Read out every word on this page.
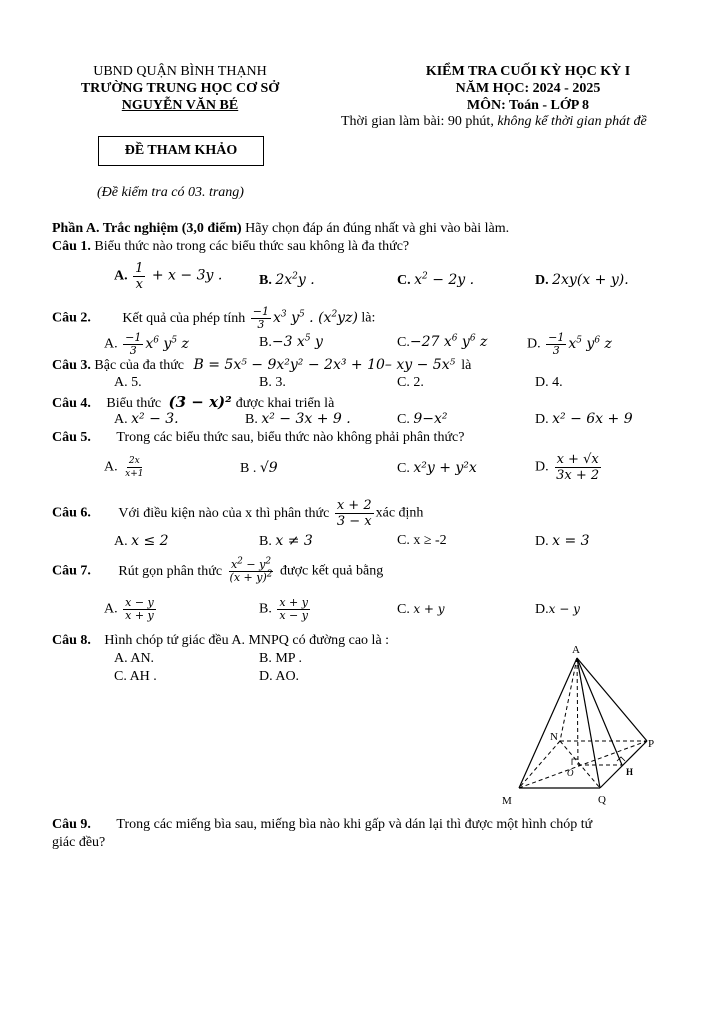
UBND QUẬN BÌNH THẠNH
TRƯỜNG TRUNG HỌC CƠ SỞ
NGUYỄN VĂN BÉ
KIỂM TRA CUỐI KỲ HỌC KỲ I
NĂM HỌC: 2024 - 2025
MÔN: Toán - LỚP 8
Thời gian làm bài: 90 phút, không kể thời gian phát đề
ĐỀ THAM KHẢO
(Đề kiểm tra có 03. trang)
Phần A. Trắc nghiệm (3,0 điểm) Hãy chọn đáp án đúng nhất và ghi vào bài làm.
Câu 1. Biểu thức nào trong các biểu thức sau không là đa thức?
A. $\frac{1}{x} + x - 3y$ .	B. $2x^2y$ .	C. $x^2 - 2y$ .	D. 2xy(x + y).
Câu 2. Kết quả của phép tính $\frac{-1}{3} x^3$ $y^5$ . $(x^2yz)$ là:
A. $\frac{-1}{3} x^6$ $y^5$ z	B.−3 $x^5$ y	C.−27 $x^6$ $y^6$ z	D. $\frac{-1}{3} x^5$ $y^6$ z
Câu 3. Bậc của đa thức B = 5x⁵ − 9x²y² − 2x³ + 10– xy − 5x⁵ là
A. 5.	B. 3.	C. 2.	D. 4.
Câu 4. Biểu thức (3 − x)² được khai triển là
A. x² − 3.	B. x² − 3x + 9 .	C. 9−x²	D. x² − 6x + 9
Câu 5. Trong các biểu thức sau, biểu thức nào không phải phân thức?
A. $\frac{2x}{x+1}$	B . √9	C. x²y + y²x	D. $\frac{x + √x}{3x + 2}$
Câu 6. Với điều kiện nào của x thì phân thức $\frac{x + 2}{3 - x}$ xác định
A. x ≤ 2	B. x ≠ 3	C. x ≥ -2	D. x = 3
Câu 7. Rút gọn phân thức $\frac{x^2 - y^2}{(x + y)^2}$ được kết quả bằng
A. $\frac{x - y}{x + y}$	B. $\frac{x + y}{x - y}$	C. x + y	D.x − y
Câu 8. Hình chóp tứ giác đều A. MNPQ có đường cao là :
A. AN.	B. MP .
C. AH .	D. AO.
A
N
P
O	H
M	Q
Câu 9. Trong các miếng bìa sau, miếng bìa nào khi gấp và dán lại thì được một hình chóp tứ
giác đều?
